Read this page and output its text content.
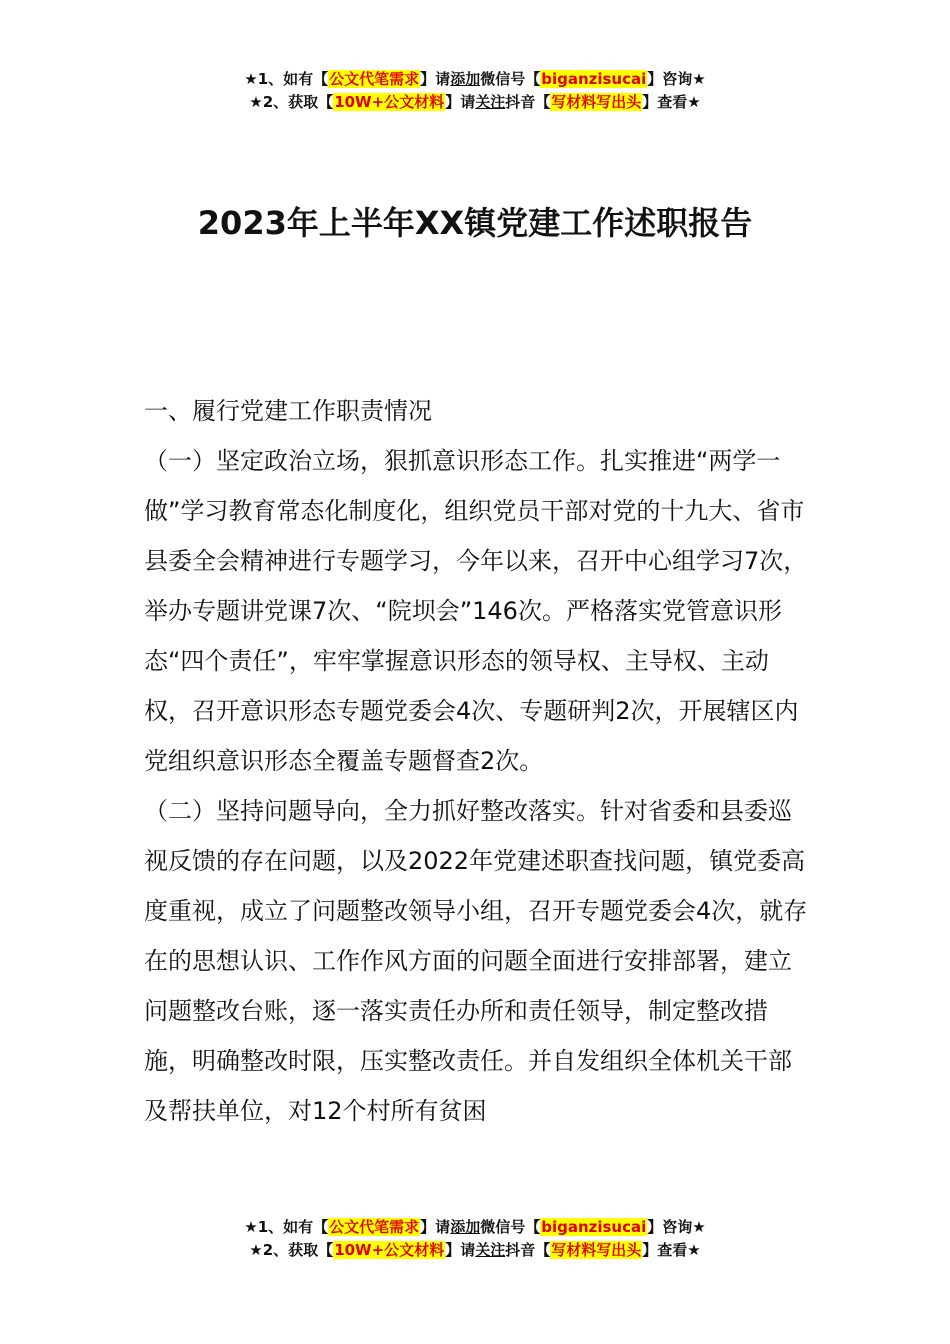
★1、如有【公文代笔需求】请添加微信号【biganzisucai】咨询★
★2、获取【10W+公文材料】请关注抖音【写材料写出头】查看★
2023年上半年XX镇党建工作述职报告

一、履行党建工作职责情况

（一）坚定政治立场，狠抓意识形态工作。扎实推进“两学一做”学习教育常态化制度化，组织党员干部对党的十九大、省市县委全会精神进行专题学习，今年以来，召开中心组学习7次，举办专题讲党课7次、“院坝会”146次。严格落实党管意识形态“四个责任”，牢牢掌握意识形态的领导权、主导权、主动权，召开意识形态专题党委会4次、专题研判2次，开展辖区内党组织意识形态全覆盖专题督查2次。

（二）坚持问题导向，全力抓好整改落实。针对省委和县委巡视反馈的存在问题，以及2022年党建述职查找问题，镇党委高度重视，成立了问题整改领导小组，召开专题党委会4次，就存在的思想认识、工作作风方面的问题全面进行安排部署，建立问题整改台账，逐一落实责任办所和责任领导，制定整改措施，明确整改时限，压实整改责任。并自发组织全体机关干部及帮扶单位，对12个村所有贫困

★1、如有【公文代笔需求】请添加微信号【biganzisucai】咨询★
★2、获取【10W+公文材料】请关注抖音【写材料写出头】查看★
